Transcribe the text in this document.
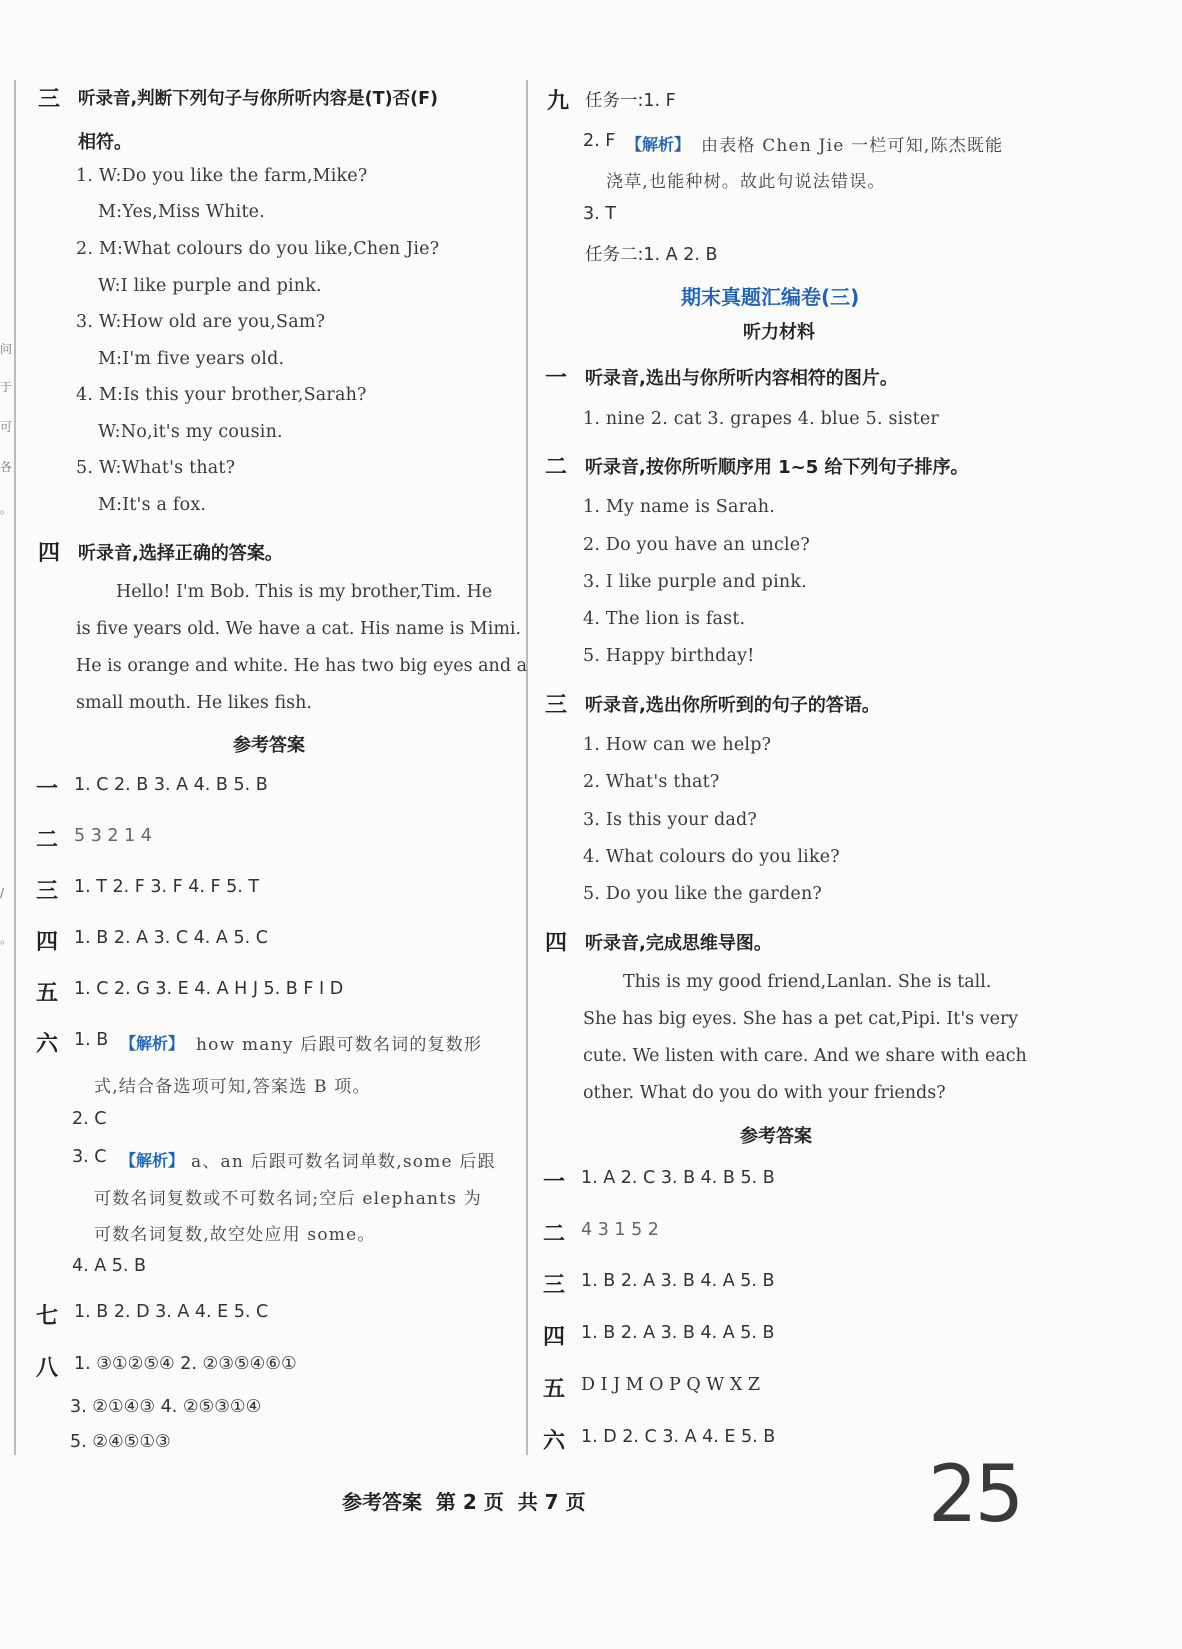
问
于
可
各
。
/
。
三 听录音,判断下列句子与你所听内容是(T)否(F)
相符。
1. W:Do you like the farm,Mike?
M:Yes,Miss White.
2. M:What colours do you like,Chen Jie?
W:I like purple and pink.
3. W:How old are you,Sam?
M:I'm five years old.
4. M:Is this your brother,Sarah?
W:No,it's my cousin.
5. W:What's that?
M:It's a fox.
四 听录音,选择正确的答案。
Hello! I'm Bob. This is my brother,Tim. He
is five years old. We have a cat. His name is Mimi.
He is orange and white. He has two big eyes and a
small mouth. He likes fish.
参考答案
一 1. C 2. B 3. A 4. B 5. B
二 5 3 2 1 4
三 1. T 2. F 3. F 4. F 5. T
四 1. B 2. A 3. C 4. A 5. C
五 1. C 2. G 3. E 4. A H J 5. B F I D
六 1. B 【解析】 how many 后跟可数名词的复数形
式,结合备选项可知,答案选 B 项。
2. C
3. C 【解析】 a、an 后跟可数名词单数,some 后跟
可数名词复数或不可数名词;空后 elephants 为
可数名词复数,故空处应用 some。
4. A 5. B
七 1. B 2. D 3. A 4. E 5. C
八 1. ③①②⑤④ 2. ②③⑤④⑥①
3. ②①④③ 4. ②⑤③①④
5. ②④⑤①③
九 任务一:1. F
2. F 【解析】 由表格 Chen Jie 一栏可知,陈杰既能
浇草,也能种树。故此句说法错误。
3. T
任务二:1. A 2. B
期末真题汇编卷(三)
听力材料
一 听录音,选出与你所听内容相符的图片。
1. nine 2. cat 3. grapes 4. blue 5. sister
二 听录音,按你所听顺序用 1~5 给下列句子排序。
1. My name is Sarah.
2. Do you have an uncle?
3. I like purple and pink.
4. The lion is fast.
5. Happy birthday!
三 听录音,选出你所听到的句子的答语。
1. How can we help?
2. What's that?
3. Is this your dad?
4. What colours do you like?
5. Do you like the garden?
四 听录音,完成思维导图。
This is my good friend,Lanlan. She is tall.
She has big eyes. She has a pet cat,Pipi. It's very
cute. We listen with care. And we share with each
other. What do you do with your friends?
参考答案
一 1. A 2. C 3. B 4. B 5. B
二 4 3 1 5 2
三 1. B 2. A 3. B 4. A 5. B
四 1. B 2. A 3. B 4. A 5. B
五 D I J M O P Q W X Z
六 1. D 2. C 3. A 4. E 5. B
参考答案  第 2 页  共 7 页	25
